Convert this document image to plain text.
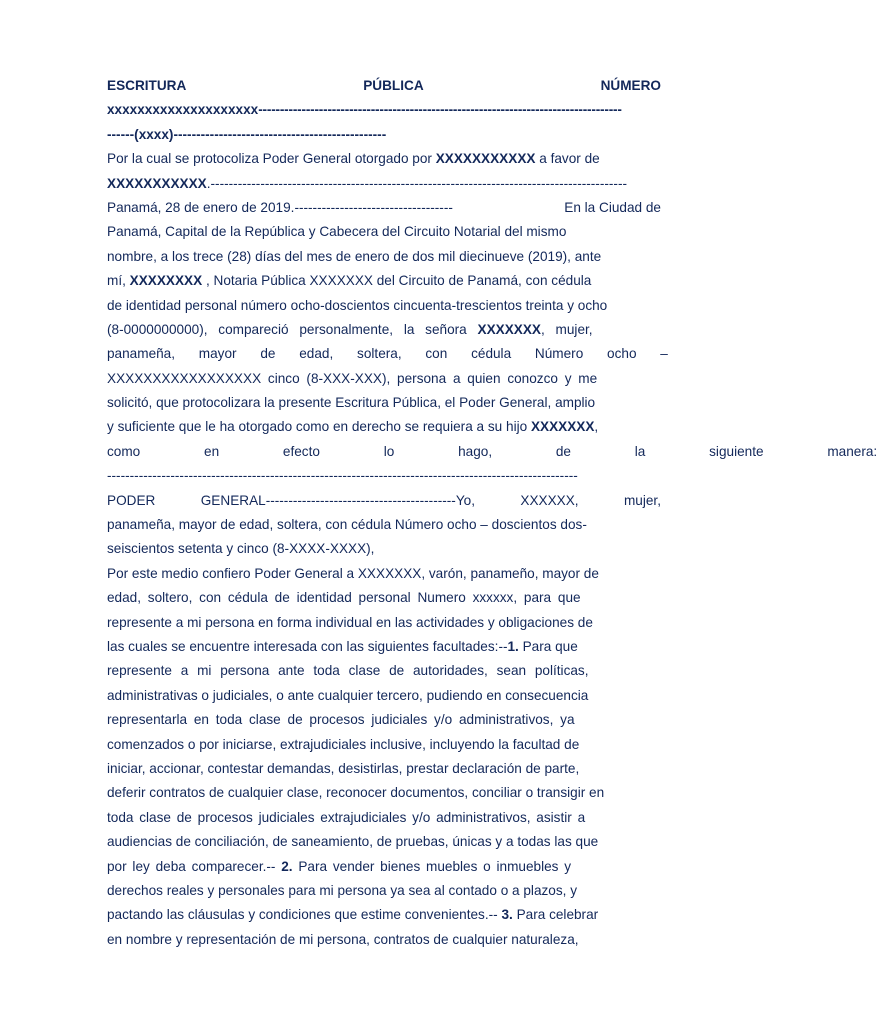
ESCRITURA	PÚBLICA	NÚMERO
xxxxxxxxxxxxxxxxxxxx------------------------------------------------------------------------------------
------(xxxx)-----------------------------------------------
Por la cual se protocoliza Poder General otorgado por XXXXXXXXXXX a favor de
XXXXXXXXXXX.--------------------------------------------------------------------------------------------
Panamá, 28 de enero de 2019.-----------------------------------	En la Ciudad de
Panamá, Capital de la República y Cabecera del Circuito Notarial del mismo
nombre, a los trece (28) días del mes de enero de dos mil diecinueve (2019), ante
mí, XXXXXXXX , Notaria Pública XXXXXXX del Circuito de Panamá, con cédula
de identidad personal número ocho-doscientos cincuenta-trescientos treinta y ocho
(8-0000000000), compareció personalmente, la señora XXXXXXX, mujer,
panameña, mayor de edad, soltera, con cédula Número ocho –
XXXXXXXXXXXXXXXXX cinco (8-XXX-XXX), persona a quien conozco y me
solicitó, que protocolizara la presente Escritura Pública, el Poder General, amplio
y suficiente que le ha otorgado como en derecho se requiera a su hijo XXXXXXX,
como en efecto lo hago, de la siguiente manera:
--------------------------------------------------------------------------------------------------------
PODER	GENERAL------------------------------------------Yo,	XXXXXX,	mujer,
panameña, mayor de edad, soltera, con cédula Número ocho – doscientos dos-
seiscientos setenta y cinco (8-XXXX-XXXX),
Por este medio confiero Poder General a XXXXXXX, varón, panameño, mayor de
edad, soltero, con cédula de identidad personal Numero xxxxxx, para que
represente a mi persona en forma individual en las actividades y obligaciones de
las cuales se encuentre interesada con las siguientes facultades:--1. Para que
represente a mi persona ante toda clase de autoridades, sean políticas,
administrativas o judiciales, o ante cualquier tercero, pudiendo en consecuencia
representarla en toda clase de procesos judiciales y/o administrativos, ya
comenzados o por iniciarse, extrajudiciales inclusive, incluyendo la facultad de
iniciar, accionar, contestar demandas, desistirlas, prestar declaración de parte,
deferir contratos de cualquier clase, reconocer documentos, conciliar o transigir en
toda clase de procesos judiciales extrajudiciales y/o administrativos, asistir a
audiencias de conciliación, de saneamiento, de pruebas, únicas y a todas las que
por ley deba comparecer.-- 2. Para vender bienes muebles o inmuebles y
derechos reales y personales para mi persona ya sea al contado o a plazos, y
pactando las cláusulas y condiciones que estime convenientes.-- 3. Para celebrar
en nombre y representación de mi persona, contratos de cualquier naturaleza,
